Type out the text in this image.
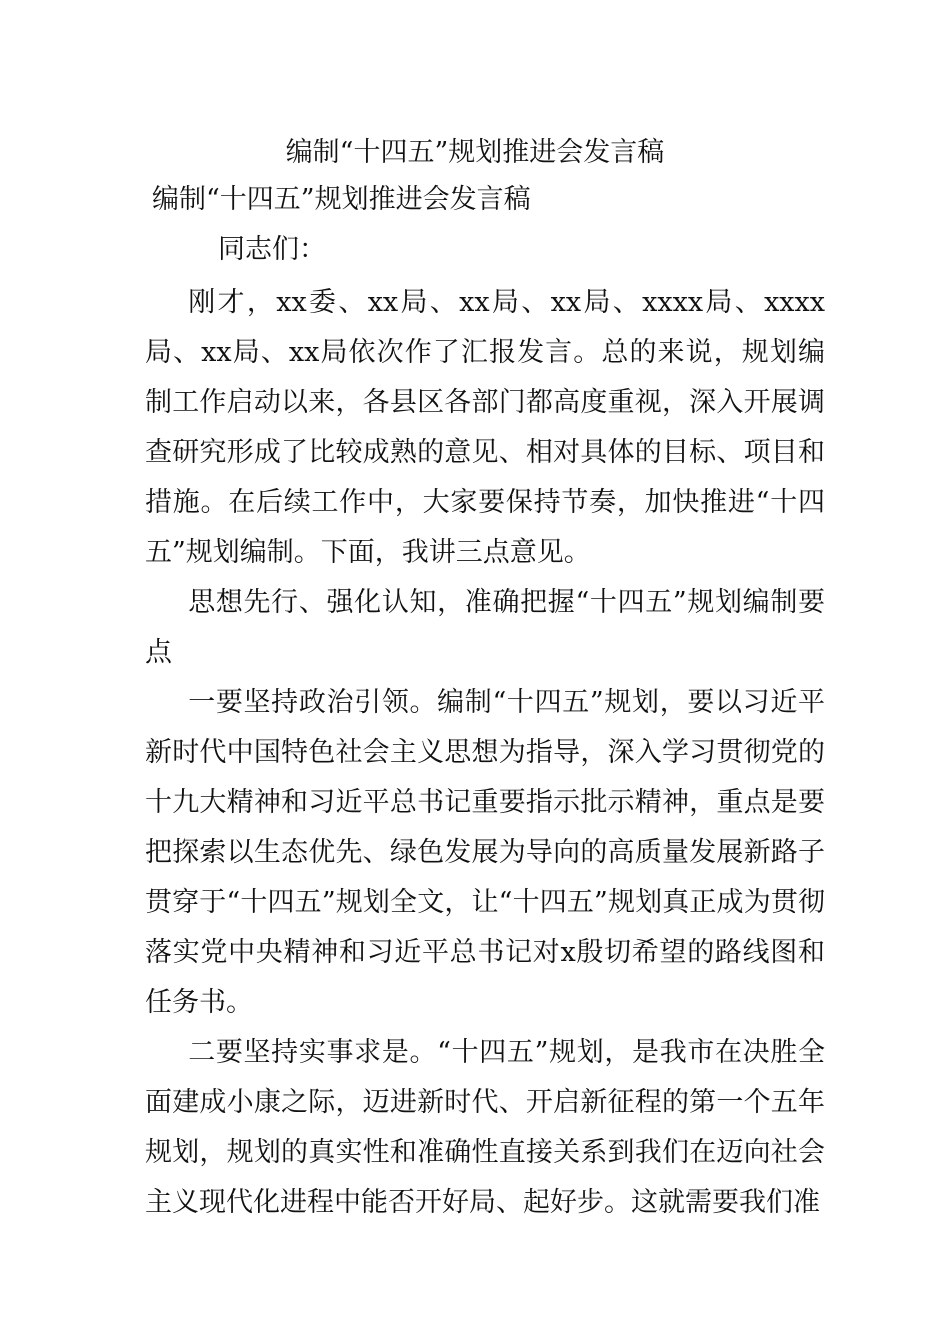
编制“十四五”规划推进会发言稿
编制“十四五”规划推进会发言稿
同志们：

刚才，xx委、xx局、xx局、xx局、xxxx局、xxxx局、xx局、xx局依次作了汇报发言。总的来说，规划编制工作启动以来，各县区各部门都高度重视，深入开展调查研究形成了比较成熟的意见、相对具体的目标、项目和措施。在后续工作中，大家要保持节奏，加快推进“十四五”规划编制。下面，我讲三点意见。

思想先行、强化认知，准确把握“十四五”规划编制要点

一要坚持政治引领。编制“十四五”规划，要以习近平新时代中国特色社会主义思想为指导，深入学习贯彻党的十九大精神和习近平总书记重要指示批示精神，重点是要把探索以生态优先、绿色发展为导向的高质量发展新路子贯穿于“十四五”规划全文，让“十四五”规划真正成为贯彻落实党中央精神和习近平总书记对x殷切希望的路线图和任务书。

二要坚持实事求是。“十四五”规划，是我市在决胜全面建成小康之际，迈进新时代、开启新征程的第一个五年规划，规划的真实性和准确性直接关系到我们在迈向社会主义现代化进程中能否开好局、起好步。这就需要我们准
